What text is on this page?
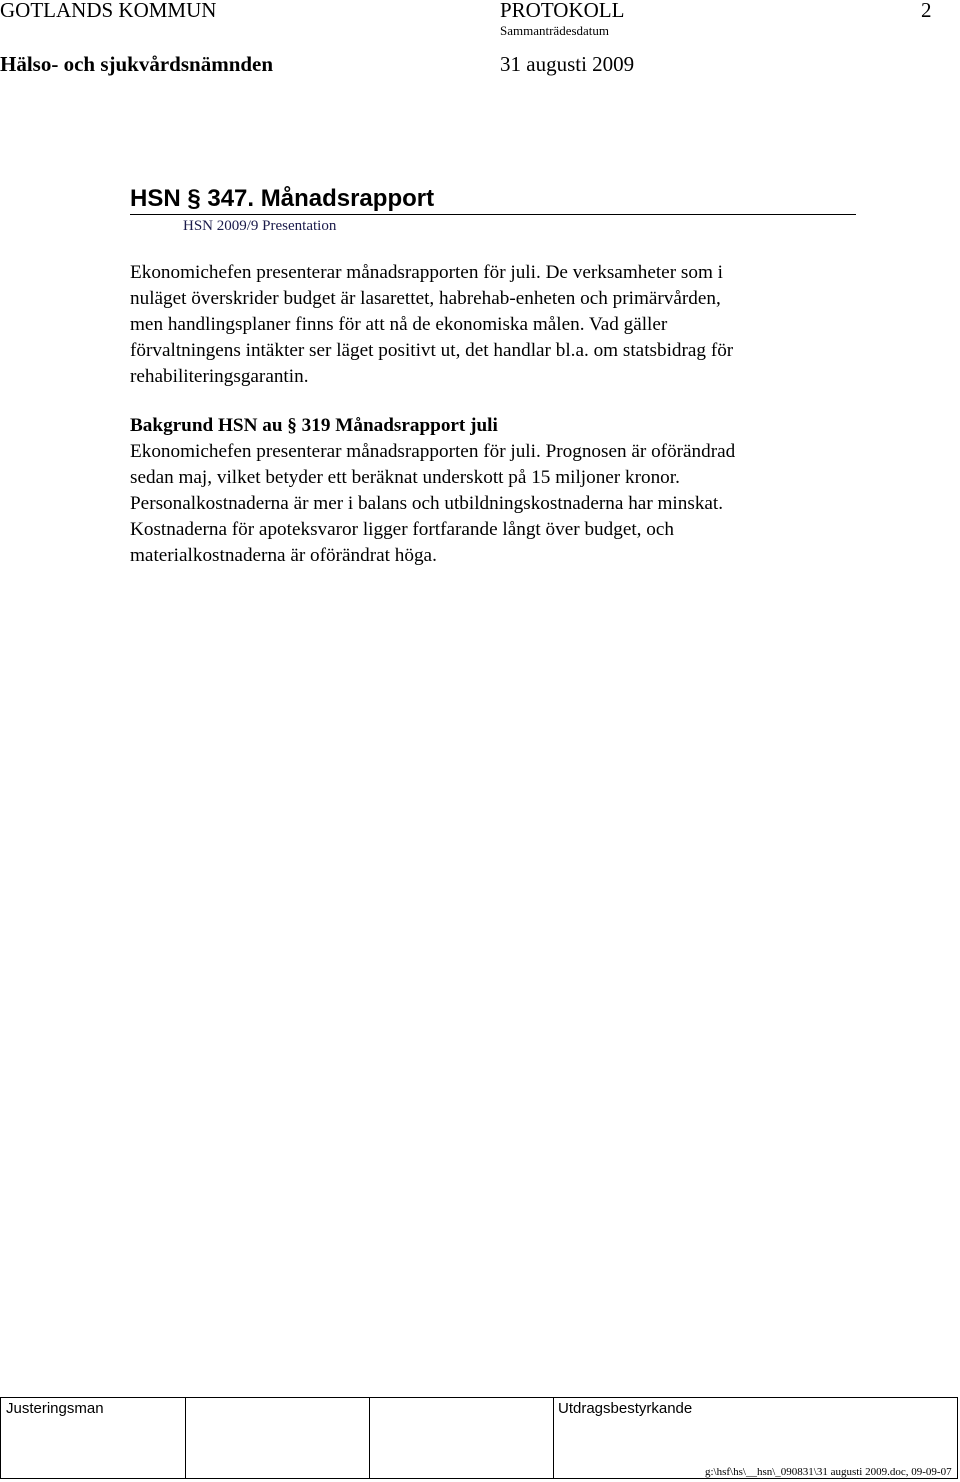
GOTLANDS KOMMUN	PROTOKOLL	2
Sammanträdesdatum
Hälso- och sjukvårdsnämnden	31 augusti 2009
HSN § 347. Månadsrapport
HSN 2009/9 Presentation
Ekonomichefen presenterar månadsrapporten för juli. De verksamheter som i
nuläget överskrider budget är lasarettet, habrehab-enheten och primärvården,
men handlingsplaner finns för att nå de ekonomiska målen. Vad gäller
förvaltningens intäkter ser läget positivt ut, det handlar bl.a. om statsbidrag för
rehabiliteringsgarantin.
Bakgrund HSN au § 319 Månadsrapport juli
Ekonomichefen presenterar månadsrapporten för juli. Prognosen är oförändrad
sedan maj, vilket betyder ett beräknat underskott på 15 miljoner kronor.
Personalkostnaderna är mer i balans och utbildningskostnaderna har minskat.
Kostnaderna för apoteksvaror ligger fortfarande långt över budget, och
materialkostnaderna är oförändrat höga.
Justeringsman	Utdragsbestyrkande
g:\hsf\hs\__hsn\_090831\31 augusti 2009.doc, 09-09-07
